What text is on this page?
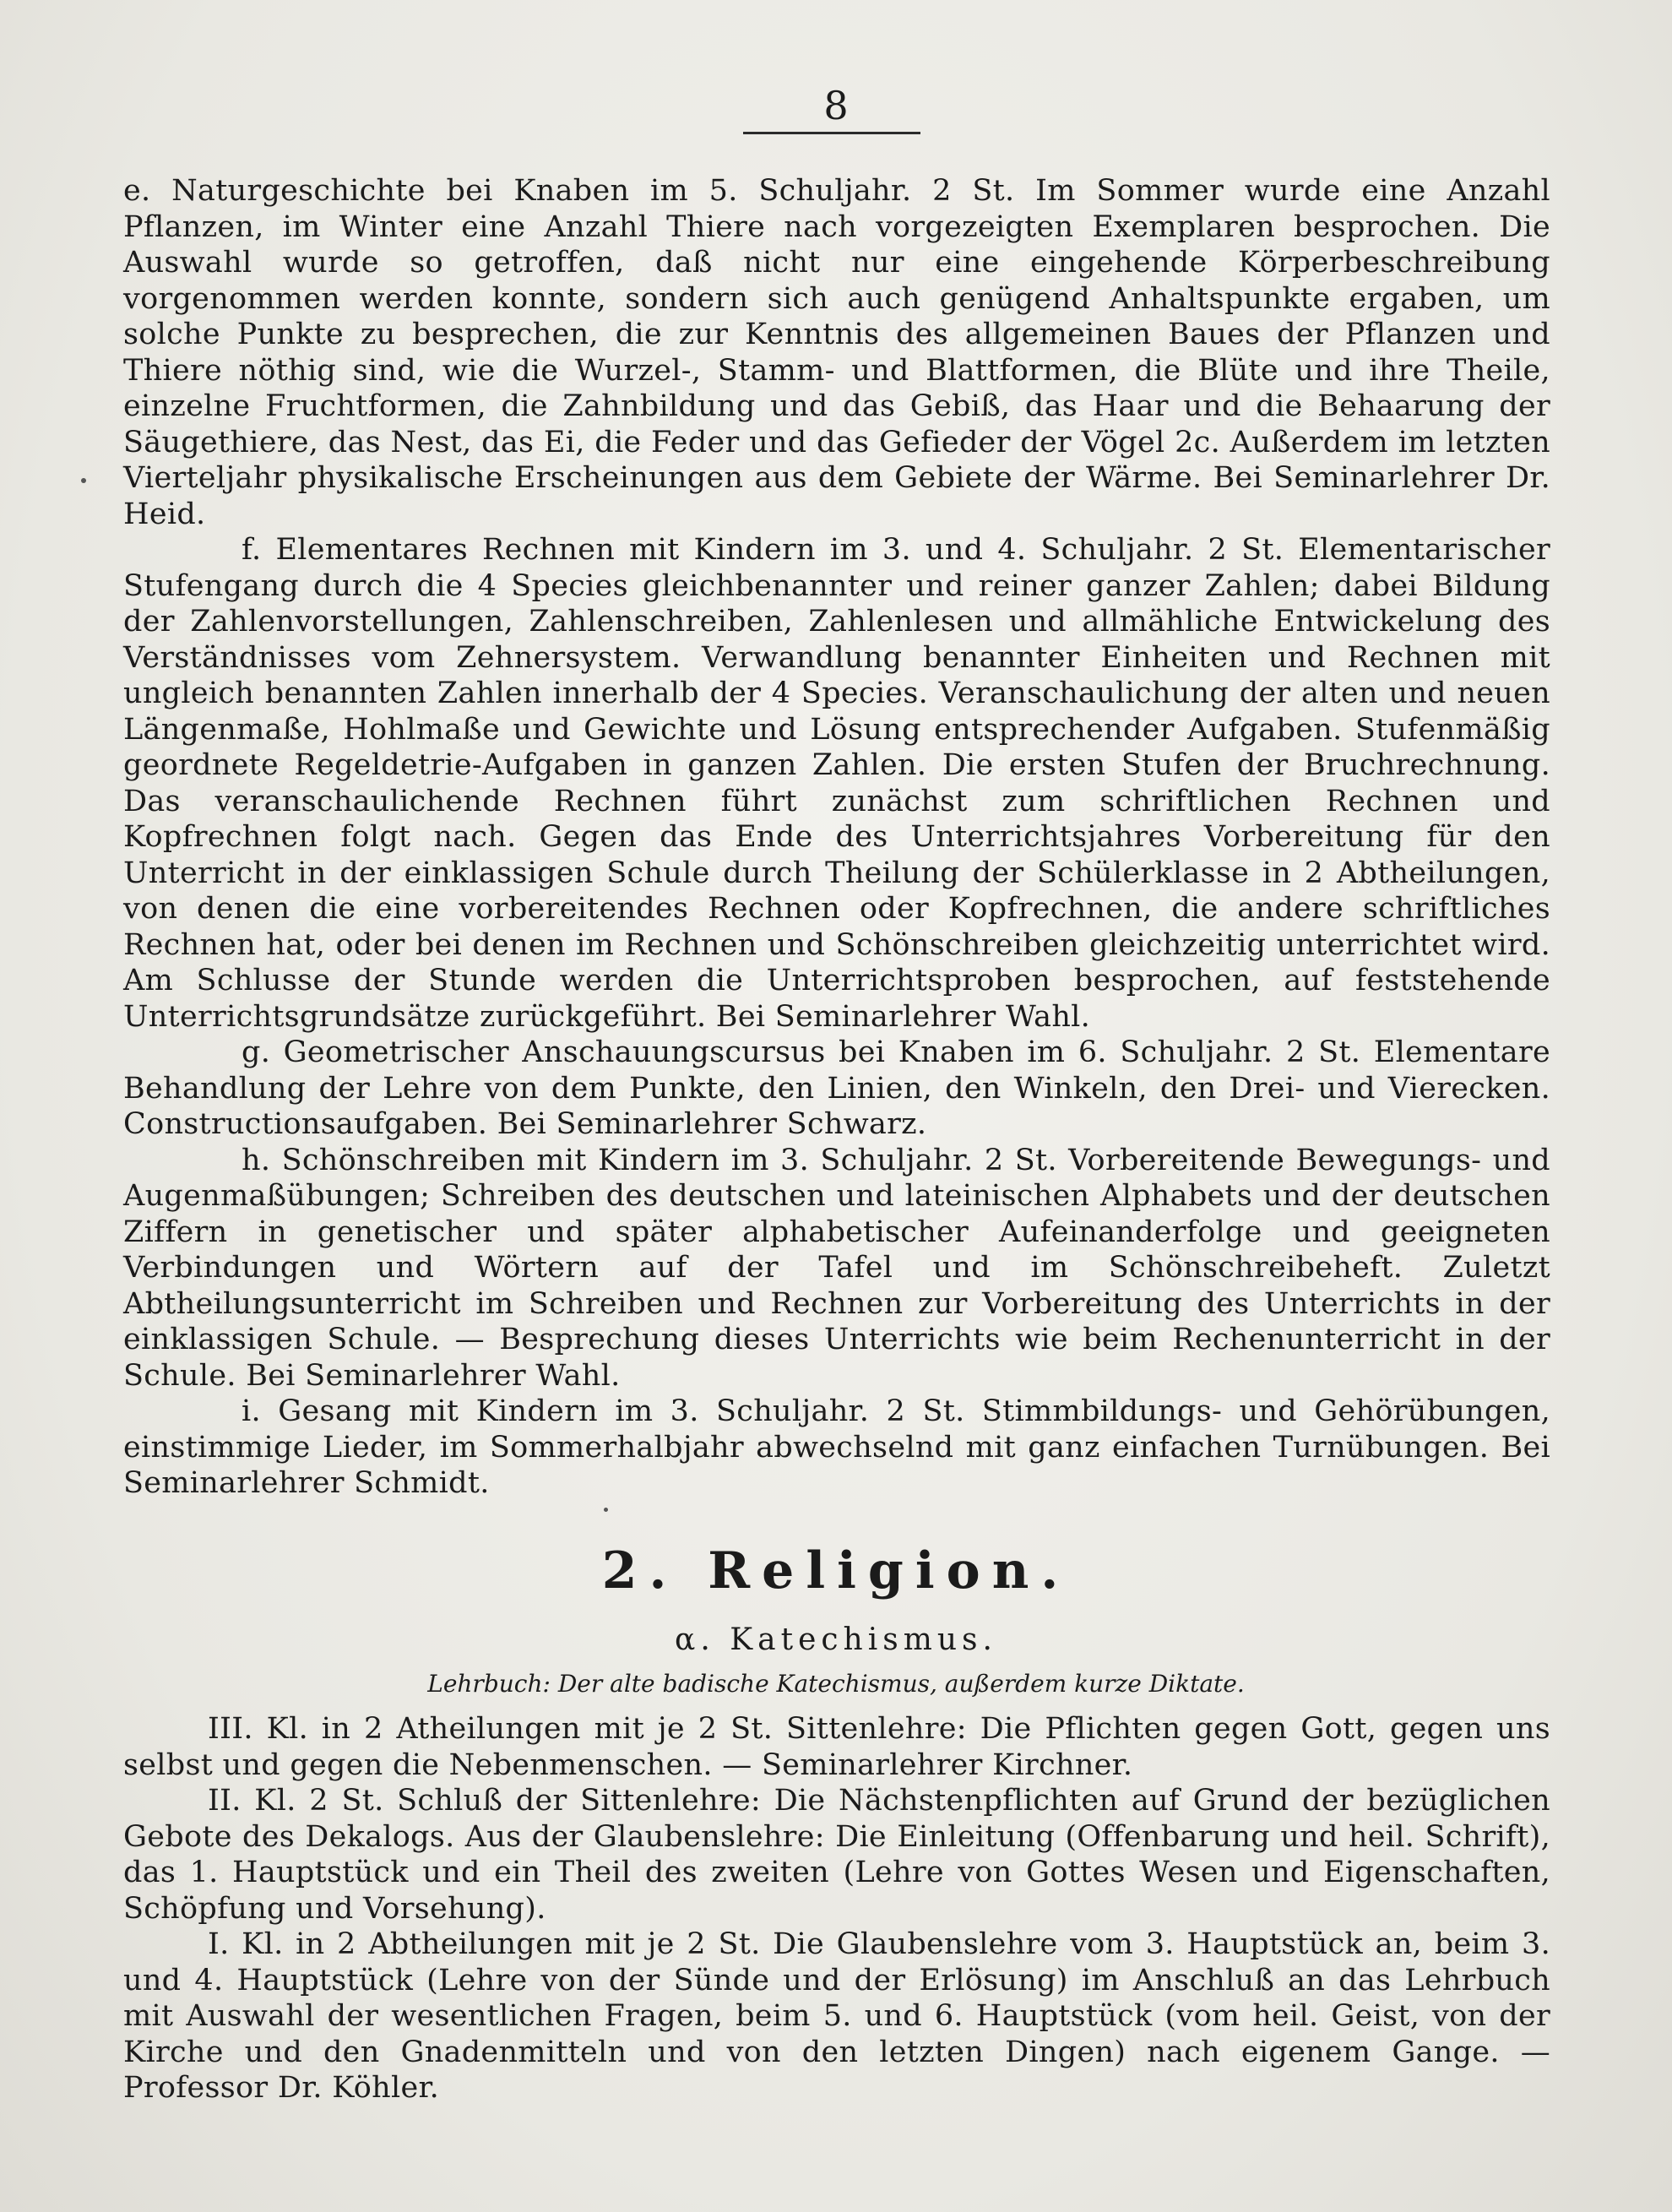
8

e. Naturgeschichte bei Knaben im 5. Schuljahr. 2 St. Im Sommer wurde eine Anzahl Pflanzen, im Winter eine Anzahl Thiere nach vorgezeigten Exemplaren besprochen. Die Auswahl wurde so getroffen, daß nicht nur eine eingehende Körperbeschreibung vorgenommen werden konnte, sondern sich auch genügend Anhaltspunkte ergaben, um solche Punkte zu besprechen, die zur Kenntnis des allgemeinen Baues der Pflanzen und Thiere nöthig sind, wie die Wurzel-, Stamm- und Blattformen, die Blüte und ihre Theile, einzelne Fruchtformen, die Zahnbildung und das Gebiß, das Haar und die Behaarung der Säugethiere, das Nest, das Ei, die Feder und das Gefieder der Vögel 2c. Außerdem im letzten Vierteljahr physikalische Erscheinungen aus dem Gebiete der Wärme. Bei Seminarlehrer Dr. Heid.

f. Elementares Rechnen mit Kindern im 3. und 4. Schuljahr. 2 St. Elementarischer Stufengang durch die 4 Species gleichbenannter und reiner ganzer Zahlen; dabei Bildung der Zahlenvorstellungen, Zahlenschreiben, Zahlenlesen und allmähliche Entwickelung des Verständnisses vom Zehnersystem. Verwandlung benannter Einheiten und Rechnen mit ungleich benannten Zahlen innerhalb der 4 Species. Veranschaulichung der alten und neuen Längenmaße, Hohlmaße und Gewichte und Lösung entsprechender Aufgaben. Stufenmäßig geordnete Regeldetrie-Aufgaben in ganzen Zahlen. Die ersten Stufen der Bruchrechnung. Das veranschaulichende Rechnen führt zunächst zum schriftlichen Rechnen und Kopfrechnen folgt nach. Gegen das Ende des Unterrichtsjahres Vorbereitung für den Unterricht in der einklassigen Schule durch Theilung der Schülerklasse in 2 Abtheilungen, von denen die eine vorbereitendes Rechnen oder Kopfrechnen, die andere schriftliches Rechnen hat, oder bei denen im Rechnen und Schönschreiben gleichzeitig unterrichtet wird. Am Schlusse der Stunde werden die Unterrichtsproben besprochen, auf feststehende Unterrichtsgrundsätze zurückgeführt. Bei Seminarlehrer Wahl.

g. Geometrischer Anschauungscursus bei Knaben im 6. Schuljahr. 2 St. Elementare Behandlung der Lehre von dem Punkte, den Linien, den Winkeln, den Drei- und Vierecken. Constructionsaufgaben. Bei Seminarlehrer Schwarz.

h. Schönschreiben mit Kindern im 3. Schuljahr. 2 St. Vorbereitende Bewegungs- und Augenmaßübungen; Schreiben des deutschen und lateinischen Alphabets und der deutschen Ziffern in genetischer und später alphabetischer Aufeinanderfolge und geeigneten Verbindungen und Wörtern auf der Tafel und im Schönschreibeheft. Zuletzt Abtheilungsunterricht im Schreiben und Rechnen zur Vorbereitung des Unterrichts in der einklassigen Schule. — Besprechung dieses Unterrichts wie beim Rechenunterricht in der Schule. Bei Seminarlehrer Wahl.

i. Gesang mit Kindern im 3. Schuljahr. 2 St. Stimmbildungs- und Gehörübungen, einstimmige Lieder, im Sommerhalbjahr abwechselnd mit ganz einfachen Turnübungen. Bei Seminarlehrer Schmidt.

2. Religion.
α. Katechismus.
Lehrbuch: Der alte badische Katechismus, außerdem kurze Diktate.

III. Kl. in 2 Atheilungen mit je 2 St. Sittenlehre: Die Pflichten gegen Gott, gegen uns selbst und gegen die Nebenmenschen. — Seminarlehrer Kirchner.

II. Kl. 2 St. Schluß der Sittenlehre: Die Nächstenpflichten auf Grund der bezüglichen Gebote des Dekalogs. Aus der Glaubenslehre: Die Einleitung (Offenbarung und heil. Schrift), das 1. Hauptstück und ein Theil des zweiten (Lehre von Gottes Wesen und Eigenschaften, Schöpfung und Vorsehung).

I. Kl. in 2 Abtheilungen mit je 2 St. Die Glaubenslehre vom 3. Hauptstück an, beim 3. und 4. Hauptstück (Lehre von der Sünde und der Erlösung) im Anschluß an das Lehrbuch mit Auswahl der wesentlichen Fragen, beim 5. und 6. Hauptstück (vom heil. Geist, von der Kirche und den Gnadenmitteln und von den letzten Dingen) nach eigenem Gange. — Professor Dr. Köhler.
